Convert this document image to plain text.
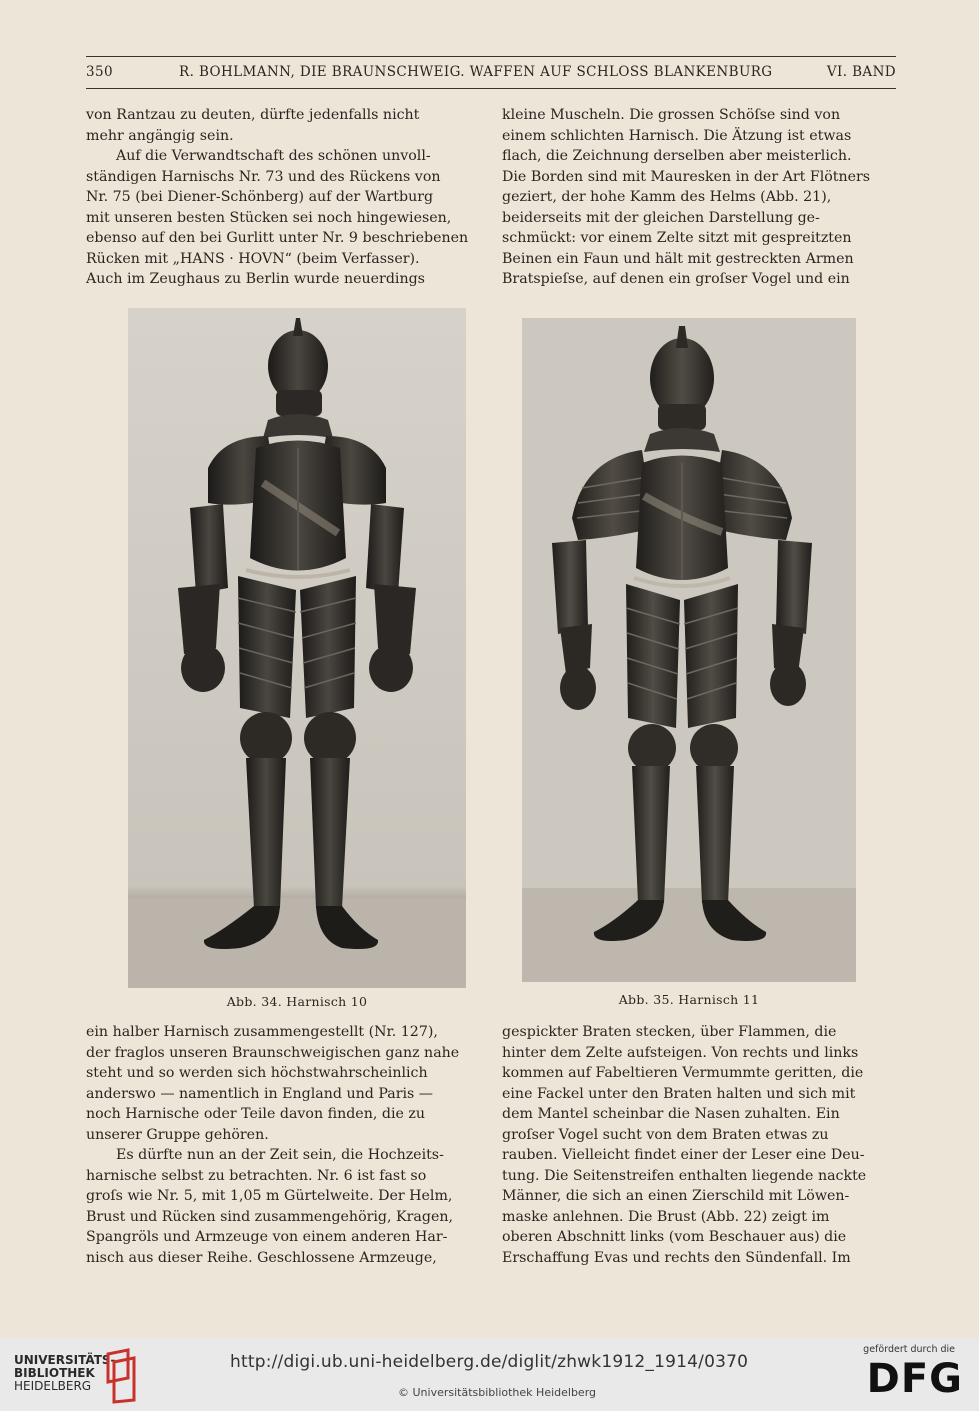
350	R. BOHLMANN, DIE BRAUNSCHWEIG. WAFFEN AUF SCHLOSS BLANKENBURG	VI. BAND

von Rantzau zu deuten, dürfte jedenfalls nicht

mehr angängig sein.

Auf die Verwandtschaft des schönen unvoll-

ständigen Harnischs Nr. 73 und des Rückens von

Nr. 75 (bei Diener-Schönberg) auf der Wartburg

mit unseren besten Stücken sei noch hingewiesen,

ebenso auf den bei Gurlitt unter Nr. 9 beschriebenen

Rücken mit „HANS · HOVN“ (beim Verfasser).

Auch im Zeughaus zu Berlin wurde neuerdings

kleine Muscheln. Die grossen Schöſse sind von

einem schlichten Harnisch. Die Ätzung ist etwas

flach, die Zeichnung derselben aber meisterlich.

Die Borden sind mit Mauresken in der Art Flötners

geziert, der hohe Kamm des Helms (Abb. 21),

beiderseits mit der gleichen Darstellung ge-

schmückt: vor einem Zelte sitzt mit gespreitzten

Beinen ein Faun und hält mit gestreckten Armen

Bratspieſse, auf denen ein groſser Vogel und ein

Abb. 34. Harnisch 10	Abb. 35. Harnisch 11

ein halber Harnisch zusammengestellt (Nr. 127),

der fraglos unseren Braunschweigischen ganz nahe

steht und so werden sich höchstwahrscheinlich

anderswo — namentlich in England und Paris —

noch Harnische oder Teile davon finden, die zu

unserer Gruppe gehören.

Es dürfte nun an der Zeit sein, die Hochzeits-

harnische selbst zu betrachten. Nr. 6 ist fast so

groſs wie Nr. 5, mit 1,05 m Gürtelweite. Der Helm,

Brust und Rücken sind zusammengehörig, Kragen,

Spangröls und Armzeuge von einem anderen Har-

nisch aus dieser Reihe. Geschlossene Armzeuge,

gespickter Braten stecken, über Flammen, die

hinter dem Zelte aufsteigen. Von rechts und links

kommen auf Fabeltieren Vermummte geritten, die

eine Fackel unter den Braten halten und sich mit

dem Mantel scheinbar die Nasen zuhalten. Ein

groſser Vogel sucht von dem Braten etwas zu

rauben. Vielleicht findet einer der Leser eine Deu-

tung. Die Seitenstreifen enthalten liegende nackte

Männer, die sich an einen Zierschild mit Löwen-

maske anlehnen. Die Brust (Abb. 22) zeigt im

oberen Abschnitt links (vom Beschauer aus) die

Erschaffung Evas und rechts den Sündenfall. Im

UNIVERSITÄTS-
BIBLIOTHEK
HEIDELBERG
http://digi.ub.uni-heidelberg.de/diglit/zhwk1912_1914/0370
© Universitätsbibliothek Heidelberg
gefördert durch die
DFG
